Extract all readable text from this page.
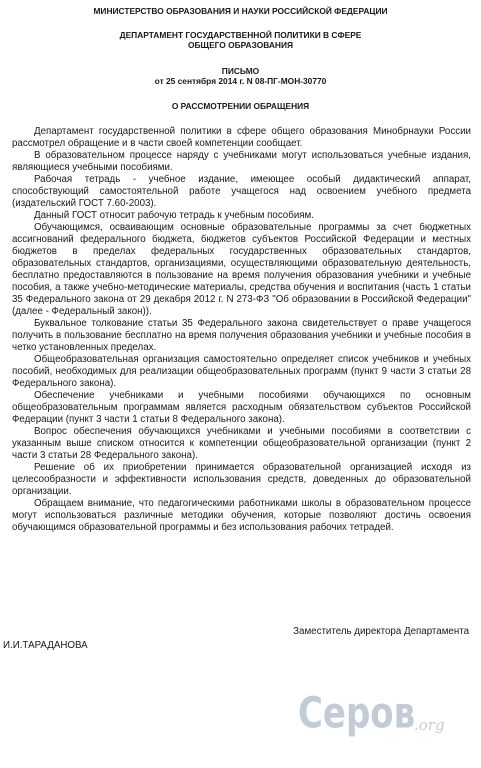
МИНИСТЕРСТВО ОБРАЗОВАНИЯ И НАУКИ РОССИЙСКОЙ ФЕДЕРАЦИИ
ДЕПАРТАМЕНТ ГОСУДАРСТВЕННОЙ ПОЛИТИКИ В СФЕРЕ
ОБЩЕГО ОБРАЗОВАНИЯ
ПИСЬМО
от 25 сентября 2014 г. N 08-ПГ-МОН-30770
О РАССМОТРЕНИИ ОБРАЩЕНИЯ

Департамент государственной политики в сфере общего образования Минобрнауки России рассмотрел обращение и в части своей компетенции сообщает.

В образовательном процессе наряду с учебниками могут использоваться учебные издания, являющиеся учебными пособиями.

Рабочая тетрадь - учебное издание, имеющее особый дидактический аппарат, способствующий самостоятельной работе учащегося над освоением учебного предмета (издательский ГОСТ 7.60-2003).

Данный ГОСТ относит рабочую тетрадь к учебным пособиям.

Обучающимся, осваивающим основные образовательные программы за счет бюджетных ассигнований федерального бюджета, бюджетов субъектов Российской Федерации и местных бюджетов в пределах федеральных государственных образовательных стандартов, образовательных стандартов, организациями, осуществляющими образовательную деятельность, бесплатно предоставляются в пользование на время получения образования учебники и учебные пособия, а также учебно-методические материалы, средства обучения и воспитания (часть 1 статьи 35 Федерального закона от 29 декабря 2012 г. N 273-ФЗ "Об образовании в Российской Федерации" (далее - Федеральный закон)).

Буквальное толкование статьи 35 Федерального закона свидетельствует о праве учащегося получить в пользование бесплатно на время получения образования учебники и учебные пособия в четко установленных пределах.

Общеобразовательная организация самостоятельно определяет список учебников и учебных пособий, необходимых для реализации общеобразовательных программ (пункт 9 части 3 статьи 28 Федерального закона).

Обеспечение учебниками и учебными пособиями обучающихся по основным общеобразовательным программам является расходным обязательством субъектов Российской Федерации (пункт 3 части 1 статьи 8 Федерального закона).

Вопрос обеспечения обучающихся учебниками и учебными пособиями в соответствии с указанным выше списком относится к компетенции общеобразовательной организации (пункт 2 части 3 статьи 28 Федерального закона).

Решение об их приобретении принимается образовательной организацией исходя из целесообразности и эффективности использования средств, доведенных до образовательной организации.

Обращаем внимание, что педагогическими работниками школы в образовательном процессе могут использоваться различные методики обучения, которые позволяют достичь освоения обучающимся образовательной программы и без использования рабочих тетрадей.

Заместитель директора Департамента
И.И.ТАРАДАНОВА
Серов
.org
